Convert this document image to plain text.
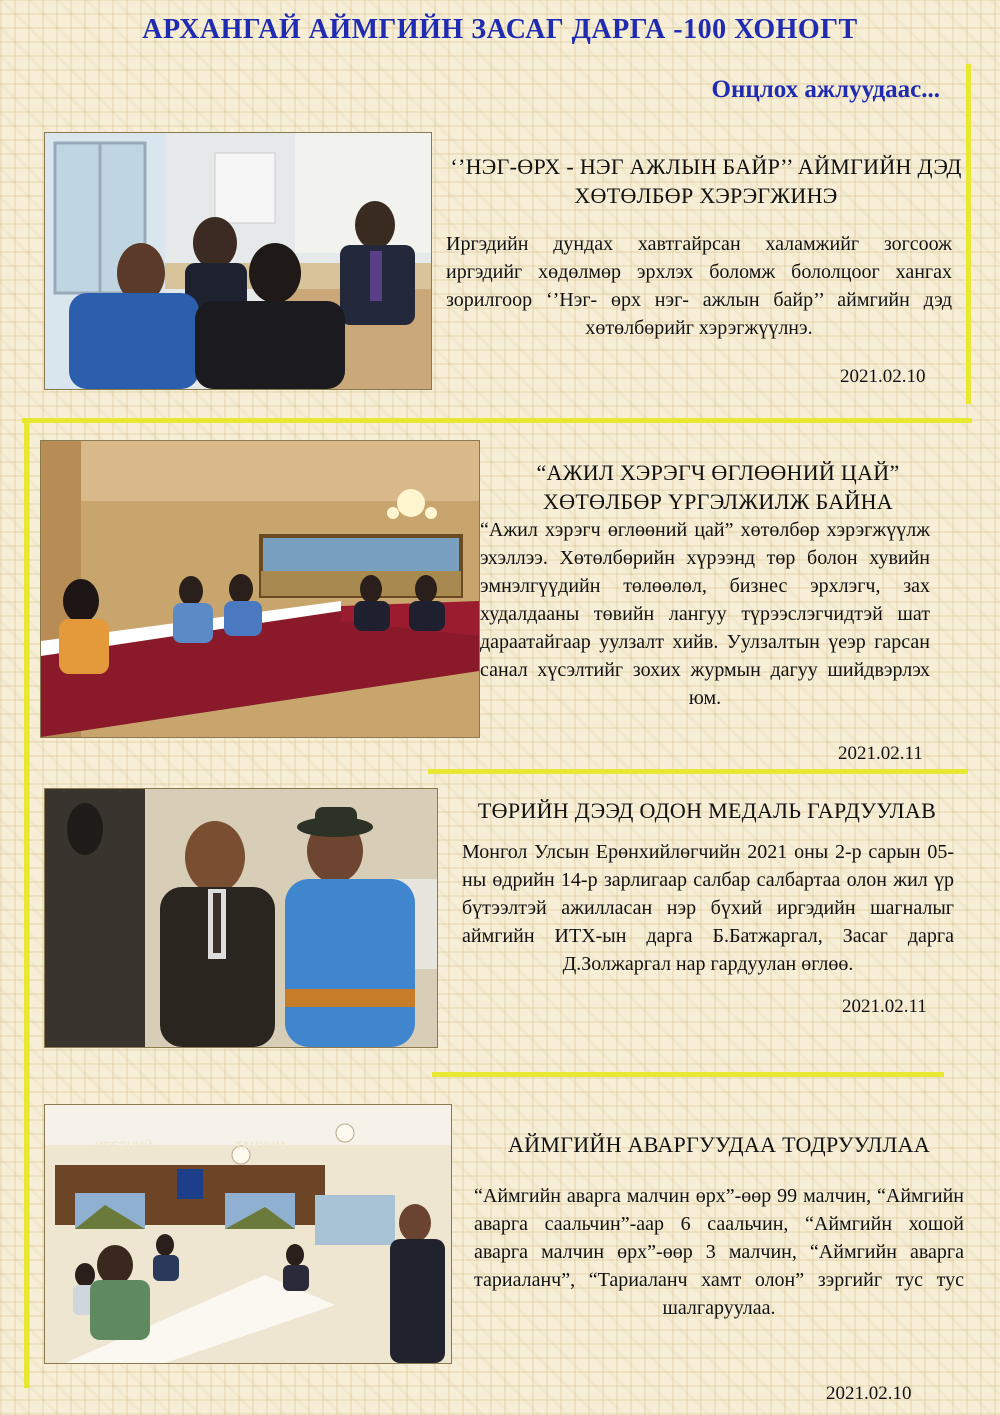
АРХАНГАЙ АЙМГИЙН ЗАСАГ ДАРГА -100 ХОНОГТ
Онцлох ажлуудаас...
‘’НЭГ-ӨРХ - НЭГ АЖЛЫН БАЙР’’ АЙМГИЙН ДЭД ХӨТӨЛБӨР ХЭРЭГЖИНЭ
Иргэдийн дундах хавтгайрсан халамжийг зогсоож иргэдийг хөдөлмөр эрхлэх боломж бололцоог хангах зорилгоор ‘’Нэг- өрх нэг- ажлын байр’’ аймгийн дэд хөтөлбөрийг хэрэгжүүлнэ.
2021.02.10
“АЖИЛ ХЭРЭГЧ ӨГЛӨӨНИЙ ЦАЙ” ХӨТӨЛБӨР ҮРГЭЛЖИЛЖ БАЙНА
“Ажил хэрэгч өглөөний цай” хөтөлбөр хэрэгжүүлж эхэллээ. Хөтөлбөрийн хүрээнд төр болон хувийн эмнэлгүүдийн төлөөлөл, бизнес эрхлэгч, зах худалдааны төвийн лангуу түрээслэгчидтэй шат дараатайгаар уулзалт хийв. Уулзалтын үеэр гарсан санал хүсэлтийг зохих журмын дагуу шийдвэрлэх юм.
2021.02.11
ТӨРИЙН ДЭЭД ОДОН МЕДАЛЬ ГАРДУУЛАВ
Монгол Улсын Ерөнхийлөгчийн 2021 оны 2-р сарын 05-ны өдрийн 14-р зарлигаар салбар салбартаа олон жил үр бүтээлтэй ажилласан нэр бүхий иргэдийн шагналыг аймгийн ИТХ-ын дарга Б.Батжаргал, Засаг дарга Д.Золжаргал нар гардуулан өглөө.
2021.02.11
ИРГЭНИЙ	ТАНХИМ	АЙМГИЙН АВАРГУУДАА ТОДРУУЛЛАА
“Аймгийн аварга малчин өрх”-өөр 99 малчин, “Аймгийн аварга саальчин”-аар 6 саальчин, “Аймгийн хошой аварга малчин өрх”-өөр 3 малчин, “Аймгийн аварга тариаланч”, “Тариаланч хамт олон” зэргийг тус тус шалгаруулаа.
2021.02.10
